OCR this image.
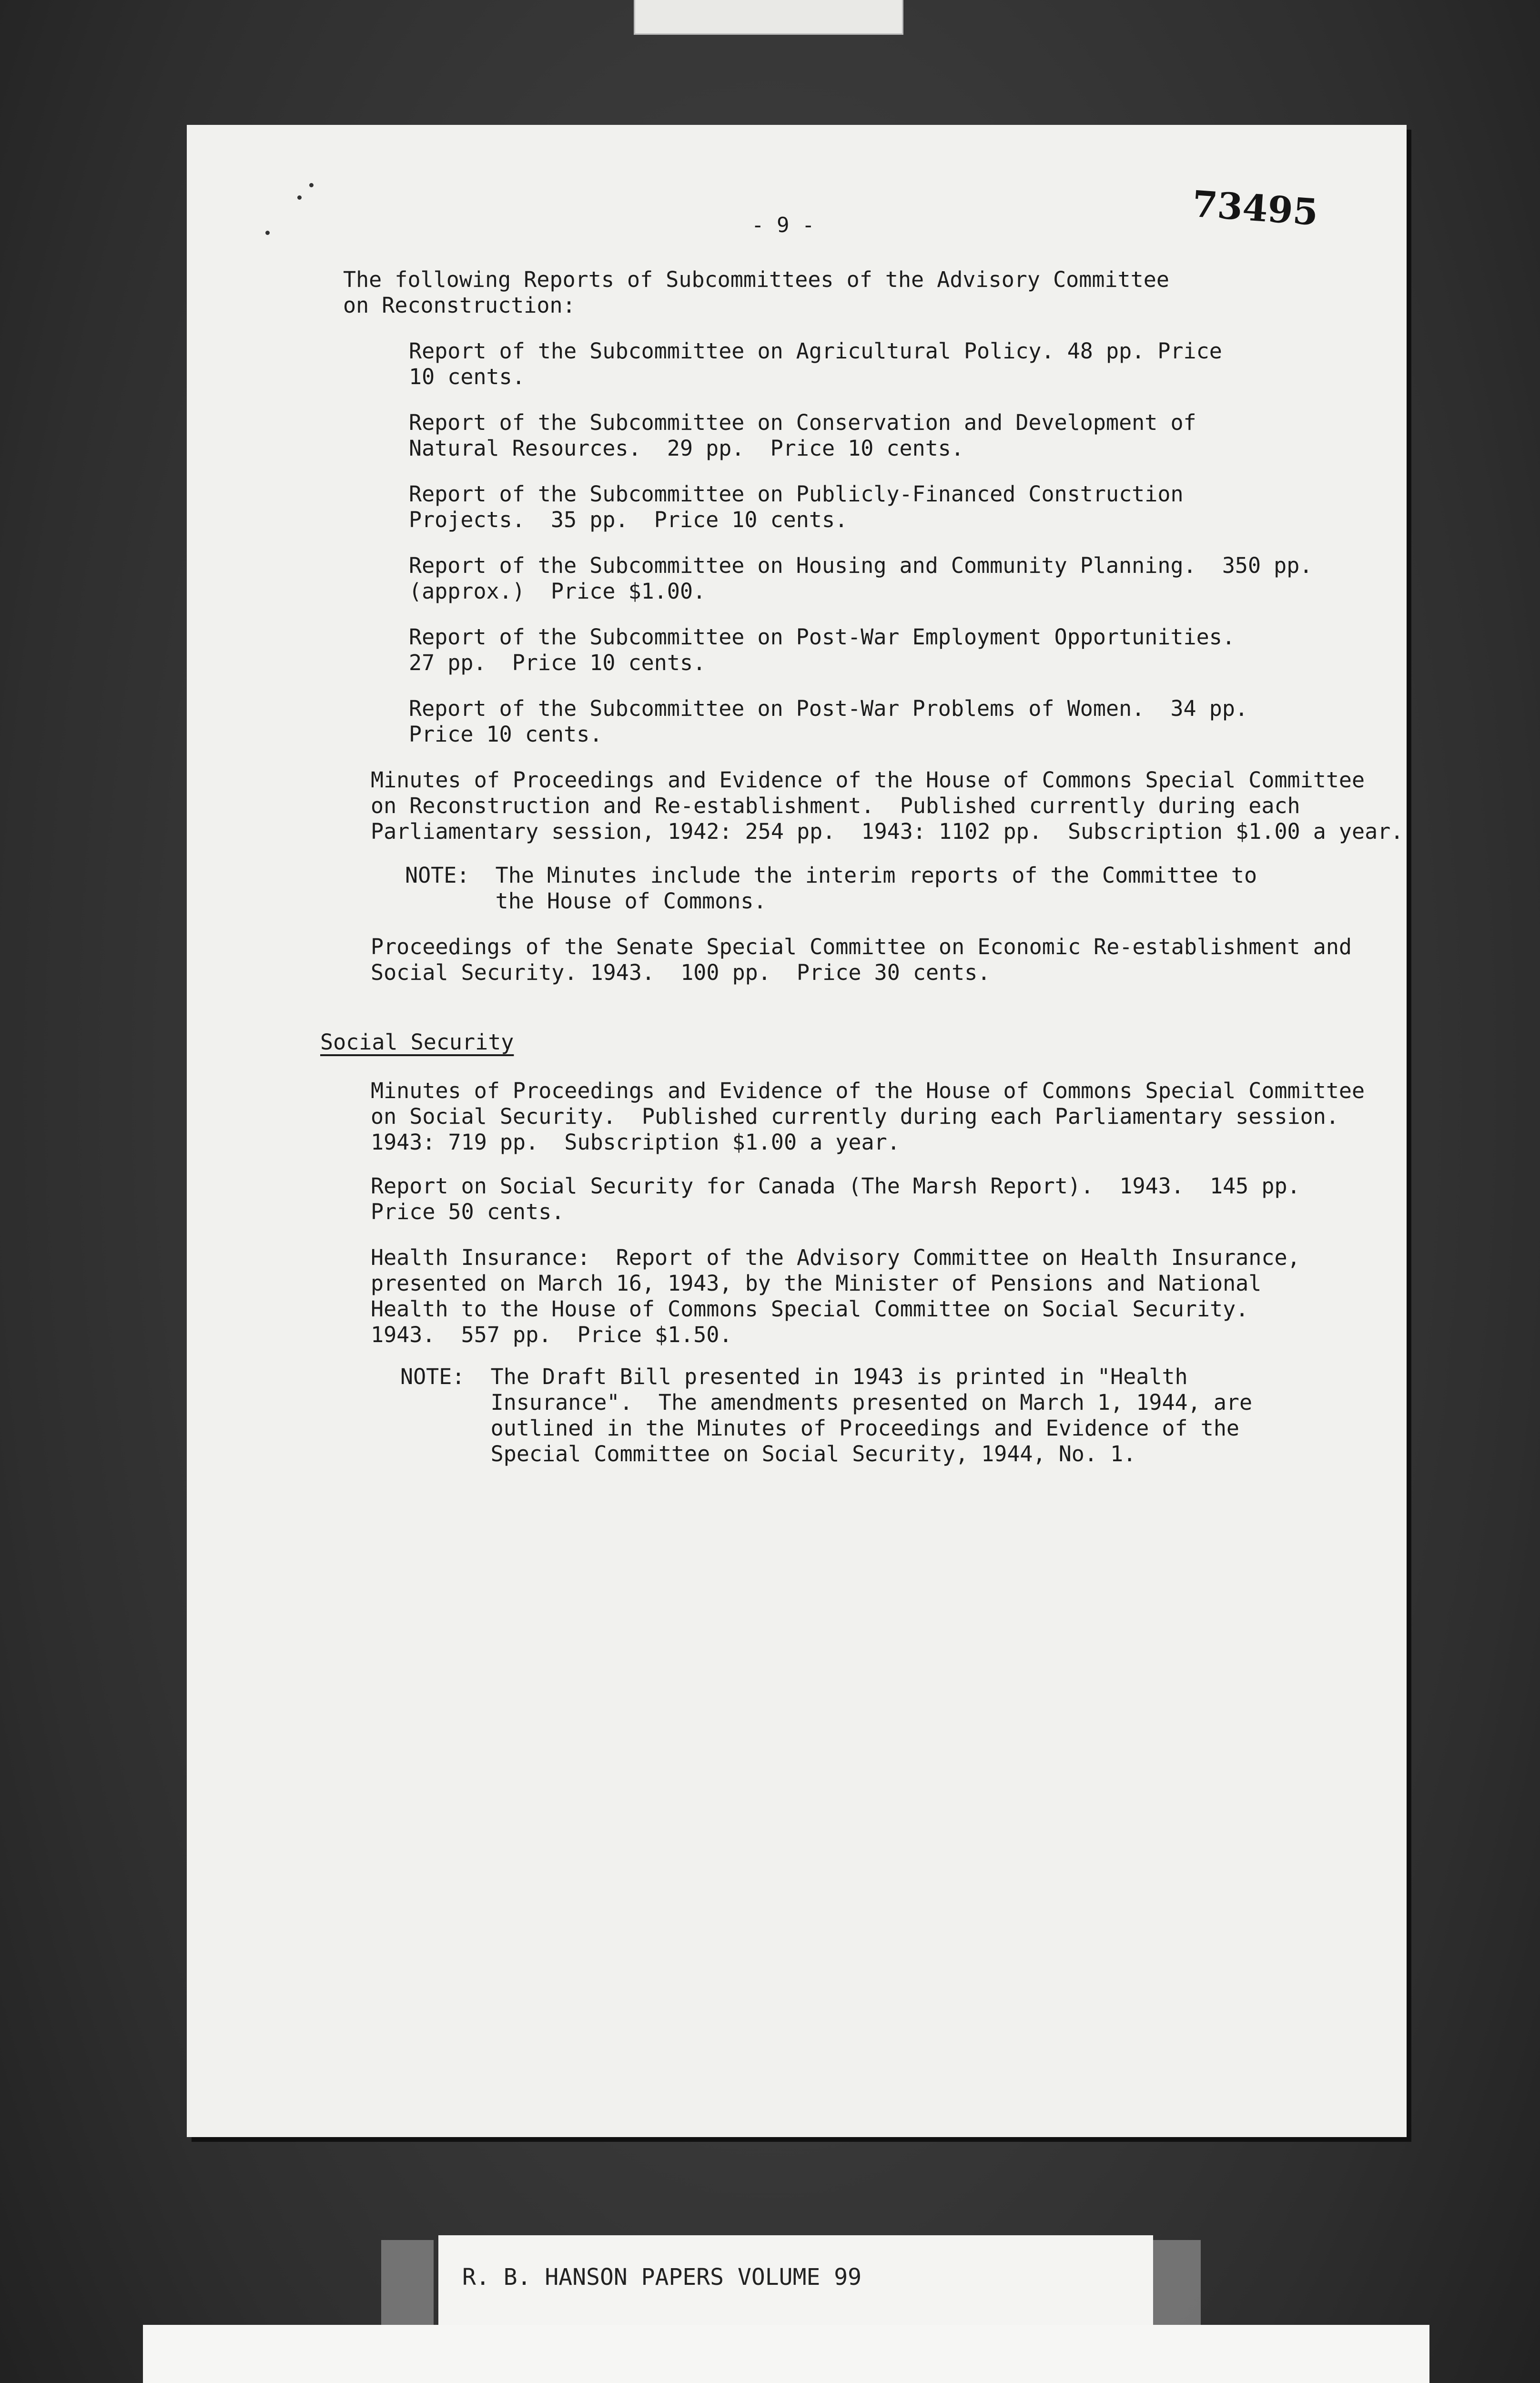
- 9 -	73495
The following Reports of Subcommittees of the Advisory Committee
on Reconstruction:
Report of the Subcommittee on Agricultural Policy. 48 pp. Price
10 cents.
Report of the Subcommittee on Conservation and Development of
Natural Resources.  29 pp.  Price 10 cents.
Report of the Subcommittee on Publicly-Financed Construction
Projects.  35 pp.  Price 10 cents.
Report of the Subcommittee on Housing and Community Planning.  350 pp.
(approx.)  Price $1.00.
Report of the Subcommittee on Post-War Employment Opportunities.
27 pp.  Price 10 cents.
Report of the Subcommittee on Post-War Problems of Women.  34 pp.
Price 10 cents.
Minutes of Proceedings and Evidence of the House of Commons Special Committee
on Reconstruction and Re-establishment.  Published currently during each
Parliamentary session, 1942: 254 pp.  1943: 1102 pp.  Subscription $1.00 a year.
NOTE:  The Minutes include the interim reports of the Committee to
the House of Commons.
Proceedings of the Senate Special Committee on Economic Re-establishment and
Social Security. 1943.  100 pp.  Price 30 cents.
Social Security
Minutes of Proceedings and Evidence of the House of Commons Special Committee
on Social Security.  Published currently during each Parliamentary session.
1943: 719 pp.  Subscription $1.00 a year.
Report on Social Security for Canada (The Marsh Report).  1943.  145 pp.
Price 50 cents.
Health Insurance:  Report of the Advisory Committee on Health Insurance,
presented on March 16, 1943, by the Minister of Pensions and National
Health to the House of Commons Special Committee on Social Security.
1943.  557 pp.  Price $1.50.
NOTE:  The Draft Bill presented in 1943 is printed in "Health
Insurance".  The amendments presented on March 1, 1944, are
outlined in the Minutes of Proceedings and Evidence of the
Special Committee on Social Security, 1944, No. 1.
R. B. HANSON PAPERS VOLUME 99
